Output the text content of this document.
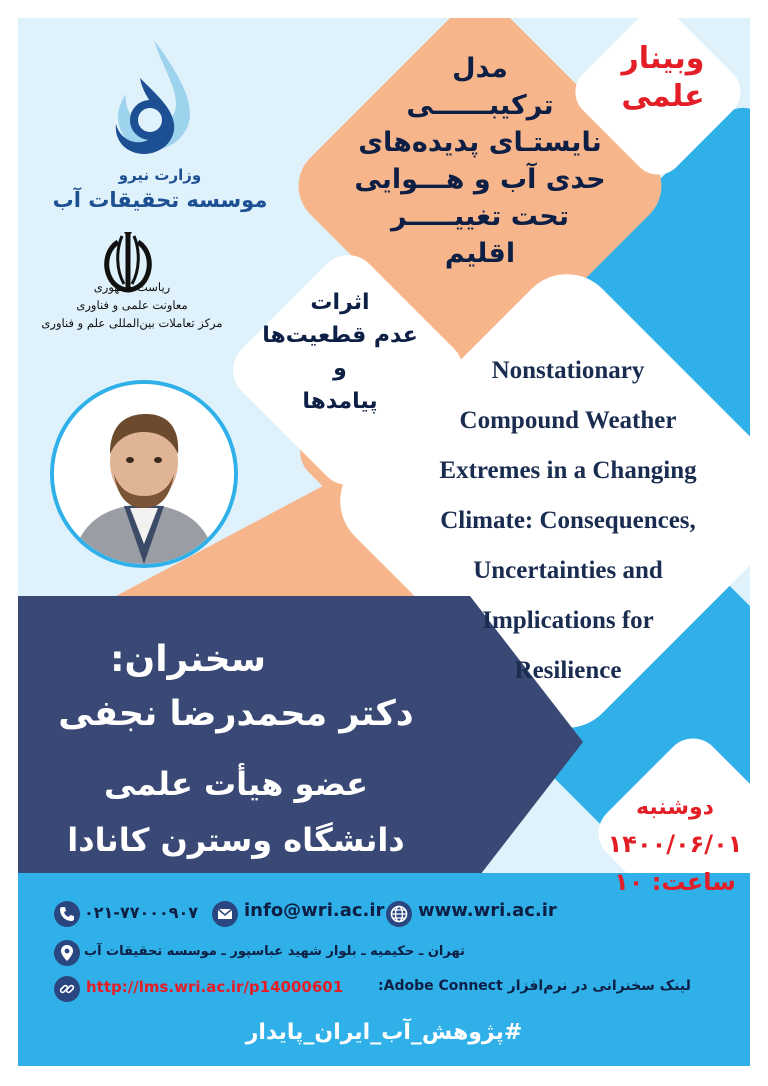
وبینار
علمی
مدل
ترکیبــــــی
نایستـای پدیده‌های
حدی آب و هـــوایی
تحت تغییـــــر
اقلیم
اثرات
عدم قطعیت‌ها
و
پیامدها
Nonstationary
Compound Weather
Extremes in a Changing
Climate: Consequences,
Uncertainties and
Implications for
Resilience
وزارت نیرو
موسسه تحقیقات آب
ریاست جمهوری
معاونت علمی و فناوری
مرکز تعاملات بین‌المللی علم و فناوری
سخنران:
دکتر محمدرضا نجفی
عضو هیأت علمی
دانشگاه وسترن کانادا
دوشنبه
۱۴۰۰/۰۶/۰۱
ساعت: ۱۰
۰۲۱-۷۷۰۰۰۹۰۷	info@wri.ac.ir www.wri.ac.ir
تهران ـ حکیمیه ـ بلوار شهید عباسپور ـ موسسه تحقیقات آب
http://lms.wri.ac.ir/p14000601 لینک سخنرانی در نرم‌افزار Adobe Connect:
#پژوهش_آب_ایران_پایدار
